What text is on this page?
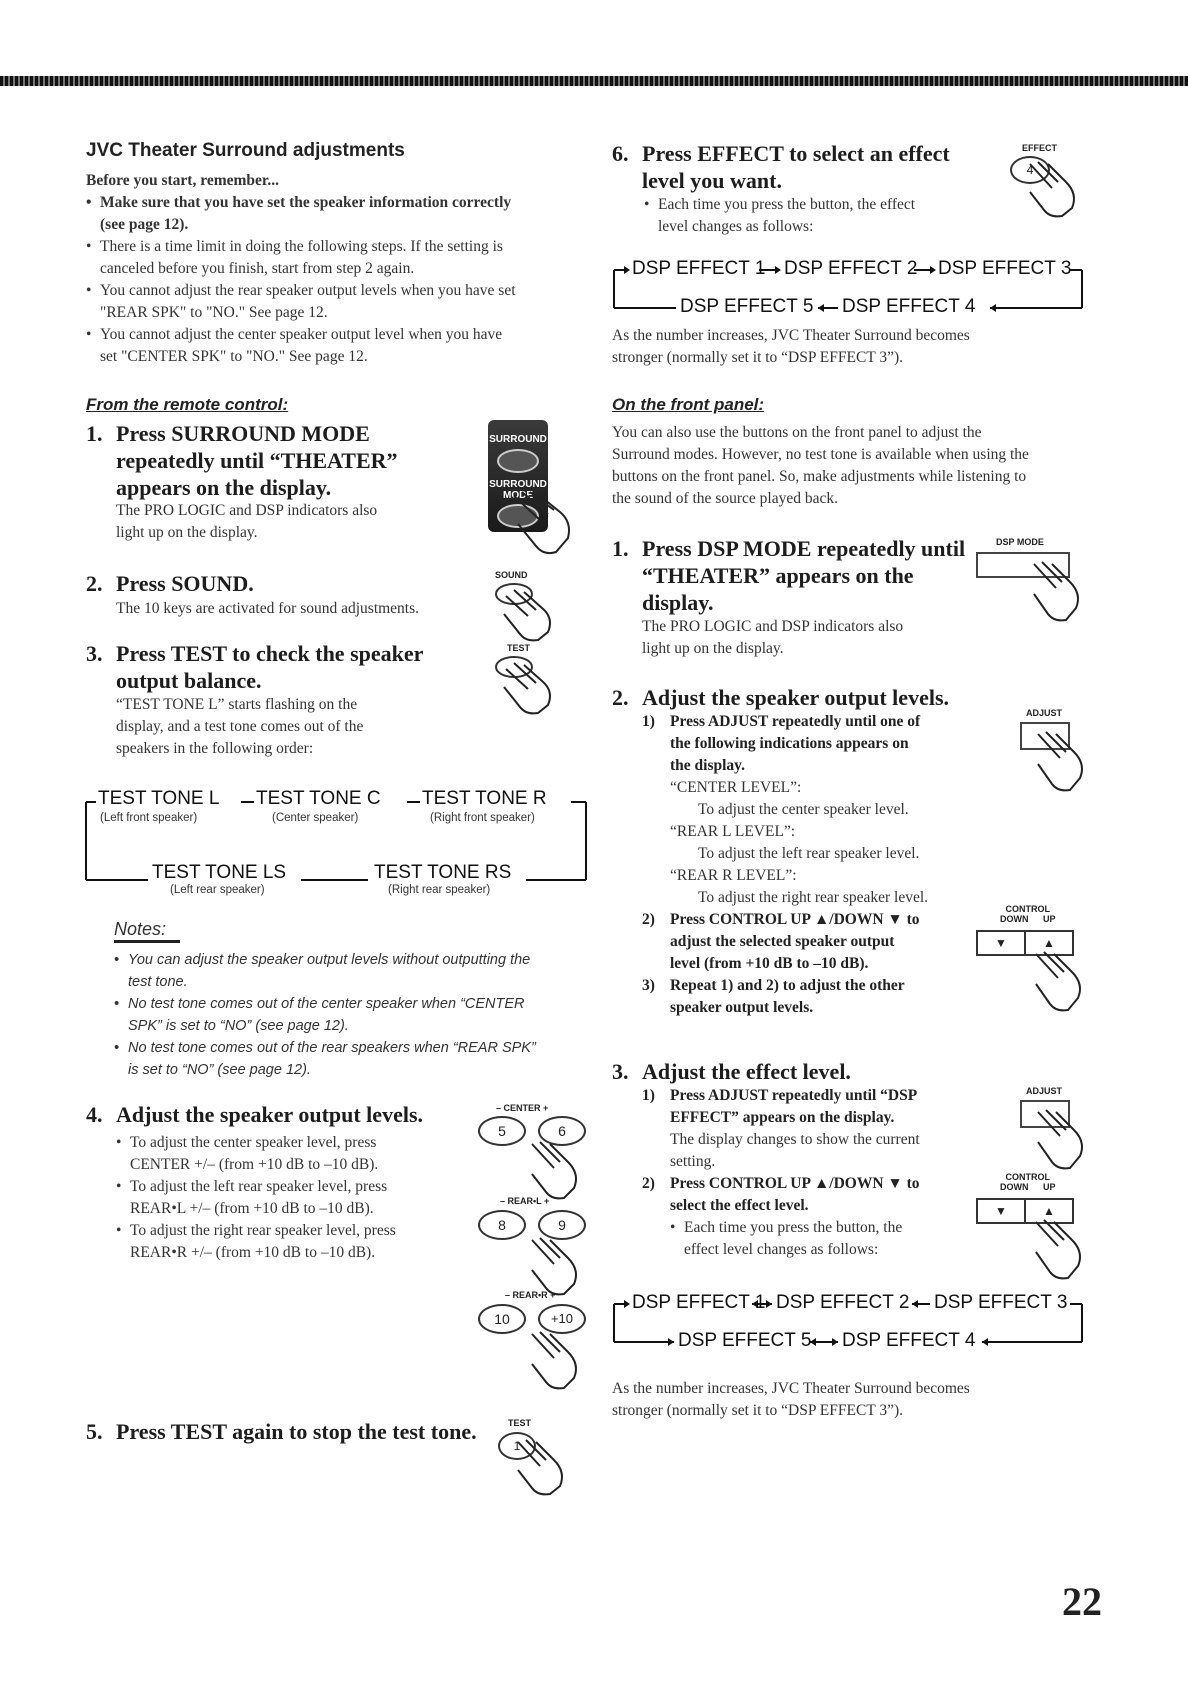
JVC Theater Surround adjustments
Before you start, remember...
• Make sure that you have set the speaker information correctly
(see page 12).
• There is a time limit in doing the following steps. If the setting is
canceled before you finish, start from step 2 again.
• You cannot adjust the rear speaker output levels when you have set
"REAR SPK" to "NO." See page 12.
• You cannot adjust the center speaker output level when you have
set "CENTER SPK" to "NO." See page 12.
From the remote control:
1. Press SURROUND MODE
repeatedly until “THEATER”
appears on the display.
The PRO LOGIC and DSP indicators also
light up on the display.
SURROUND
SURROUND
MODE
2. Press SOUND.
The 10 keys are activated for sound adjustments.
SOUND
3. Press TEST to check the speaker
output balance.
“TEST TONE L” starts flashing on the
display, and a test tone comes out of the
speakers in the following order:
TEST
TEST TONE L
(Left front speaker)
TEST TONE C
(Center speaker)
TEST TONE R
(Right front speaker)
TEST TONE LS
(Left rear speaker)
TEST TONE RS
(Right rear speaker)
Notes:
• You can adjust the speaker output levels without outputting the
test tone.
• No test tone comes out of the center speaker when “CENTER
SPK” is set to “NO” (see page 12).
• No test tone comes out of the rear speakers when “REAR SPK”
is set to “NO” (see page 12).
4. Adjust the speaker output levels.
• To adjust the center speaker level, press
CENTER +/– (from +10 dB to –10 dB).
• To adjust the left rear speaker level, press
REAR•L +/– (from +10 dB to –10 dB).
• To adjust the right rear speaker level, press
REAR•R +/– (from +10 dB to –10 dB).
– CENTER +
5	6
– REAR•L +
8	9
– REAR•R +
10	+10
5. Press TEST again to stop the test tone.	TEST
1
6. Press EFFECT to select an effect
level you want.
• Each time you press the button, the effect
level changes as follows:
EFFECT
4
DSP EFFECT 1 DSP EFFECT 2 DSP EFFECT 3
DSP EFFECT 5 DSP EFFECT 4
As the number increases, JVC Theater Surround becomes
stronger (normally set it to “DSP EFFECT 3”).
On the front panel:
You can also use the buttons on the front panel to adjust the
Surround modes. However, no test tone is available when using the
buttons on the front panel. So, make adjustments while listening to
the sound of the source played back.
1. Press DSP MODE repeatedly until
“THEATER” appears on the
display.
The PRO LOGIC and DSP indicators also
light up on the display.
DSP MODE
2. Adjust the speaker output levels.
1) Press ADJUST repeatedly until one of
the following indications appears on
the display.
“CENTER LEVEL”:
To adjust the center speaker level.
“REAR L LEVEL”:
To adjust the left rear speaker level.
“REAR R LEVEL”:
To adjust the right rear speaker level.
2) Press CONTROL UP ▲/DOWN ▼ to
adjust the selected speaker output
level (from +10 dB to –10 dB).
3) Repeat 1) and 2) to adjust the other
speaker output levels.
ADJUST
CONTROL
DOWN UP
▼	▲
3. Adjust the effect level.
1) Press ADJUST repeatedly until “DSP
EFFECT” appears on the display.
The display changes to show the current
setting.
2) Press CONTROL UP ▲/DOWN ▼ to
select the effect level.
• Each time you press the button, the
effect level changes as follows:
ADJUST
CONTROL
DOWN UP
▼	▲
DSP EFFECT 1 DSP EFFECT 2 DSP EFFECT 3
DSP EFFECT 5 DSP EFFECT 4
As the number increases, JVC Theater Surround becomes
stronger (normally set it to “DSP EFFECT 3”).
22
